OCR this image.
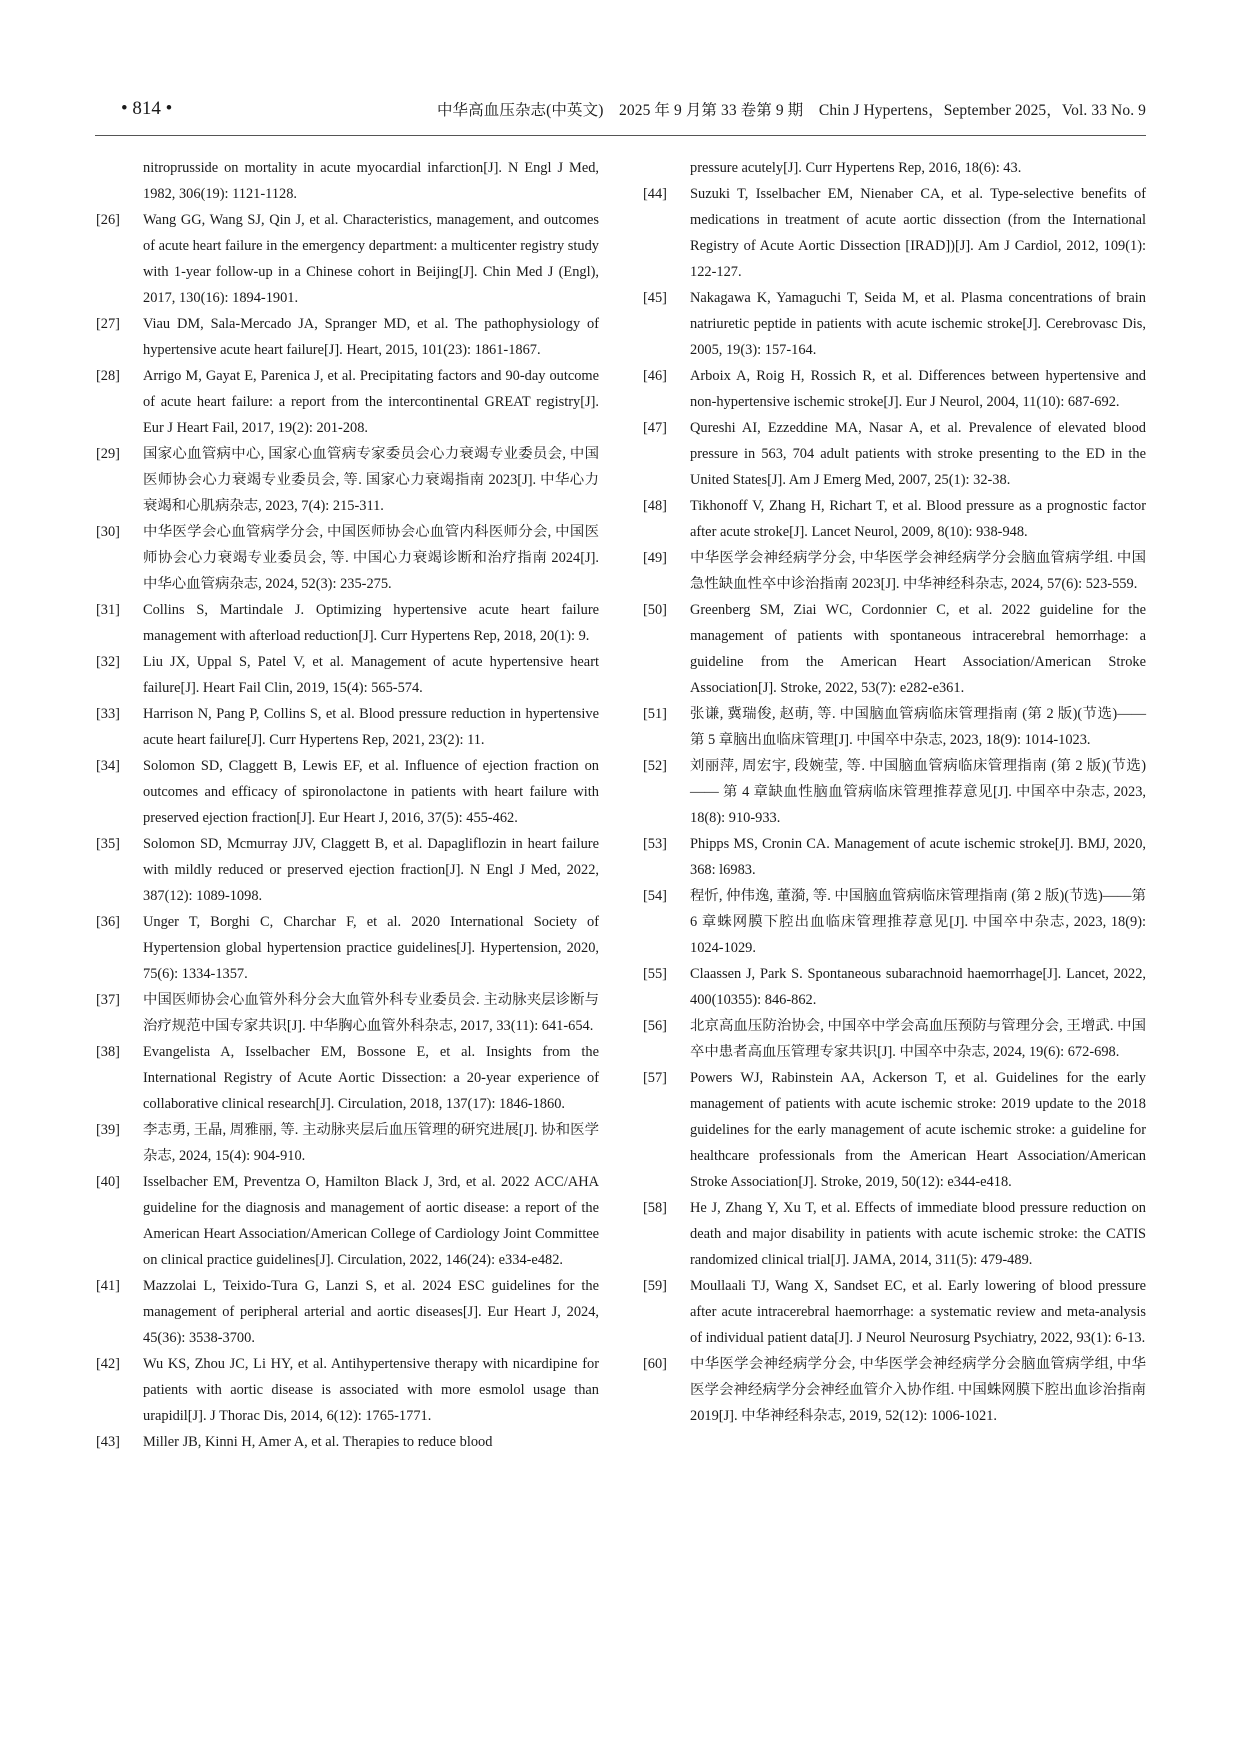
• 814 •	中华高血压杂志(中英文)　2025 年 9 月第 33 卷第 9 期　Chin J Hypertens，September 2025，Vol. 33 No. 9
nitroprusside on mortality in acute myocardial infarction[J]. N Engl J Med, 1982, 306(19): 1121-1128.
[26] Wang GG, Wang SJ, Qin J, et al. Characteristics, management, and outcomes of acute heart failure in the emergency department: a multicenter registry study with 1-year follow-up in a Chinese cohort in Beijing[J]. Chin Med J (Engl), 2017, 130(16): 1894-1901.
[27] Viau DM, Sala-Mercado JA, Spranger MD, et al. The pathophysiology of hypertensive acute heart failure[J]. Heart, 2015, 101(23): 1861-1867.
[28] Arrigo M, Gayat E, Parenica J, et al. Precipitating factors and 90-day outcome of acute heart failure: a report from the intercontinental GREAT registry[J]. Eur J Heart Fail, 2017, 19(2): 201-208.
[29] 国家心血管病中心, 国家心血管病专家委员会心力衰竭专业委员会, 中国医师协会心力衰竭专业委员会, 等. 国家心力衰竭指南 2023[J]. 中华心力衰竭和心肌病杂志, 2023, 7(4): 215-311.
[30] 中华医学会心血管病学分会, 中国医师协会心血管内科医师分会, 中国医师协会心力衰竭专业委员会, 等. 中国心力衰竭诊断和治疗指南 2024[J]. 中华心血管病杂志, 2024, 52(3): 235-275.
[31] Collins S, Martindale J. Optimizing hypertensive acute heart failure management with afterload reduction[J]. Curr Hypertens Rep, 2018, 20(1): 9.
[32] Liu JX, Uppal S, Patel V, et al. Management of acute hypertensive heart failure[J]. Heart Fail Clin, 2019, 15(4): 565-574.
[33] Harrison N, Pang P, Collins S, et al. Blood pressure reduction in hypertensive acute heart failure[J]. Curr Hypertens Rep, 2021, 23(2): 11.
[34] Solomon SD, Claggett B, Lewis EF, et al. Influence of ejection fraction on outcomes and efficacy of spironolactone in patients with heart failure with preserved ejection fraction[J]. Eur Heart J, 2016, 37(5): 455-462.
[35] Solomon SD, Mcmurray JJV, Claggett B, et al. Dapagliflozin in heart failure with mildly reduced or preserved ejection fraction[J]. N Engl J Med, 2022, 387(12): 1089-1098.
[36] Unger T, Borghi C, Charchar F, et al. 2020 International Society of Hypertension global hypertension practice guidelines[J]. Hypertension, 2020, 75(6): 1334-1357.
[37] 中国医师协会心血管外科分会大血管外科专业委员会. 主动脉夹层诊断与治疗规范中国专家共识[J]. 中华胸心血管外科杂志, 2017, 33(11): 641-654.
[38] Evangelista A, Isselbacher EM, Bossone E, et al. Insights from the International Registry of Acute Aortic Dissection: a 20-year experience of collaborative clinical research[J]. Circulation, 2018, 137(17): 1846-1860.
[39] 李志勇, 王晶, 周雅丽, 等. 主动脉夹层后血压管理的研究进展[J]. 协和医学杂志, 2024, 15(4): 904-910.
[40] Isselbacher EM, Preventza O, Hamilton Black J, 3rd, et al. 2022 ACC/AHA guideline for the diagnosis and management of aortic disease: a report of the American Heart Association/American College of Cardiology Joint Committee on clinical practice guidelines[J]. Circulation, 2022, 146(24): e334-e482.
[41] Mazzolai L, Teixido-Tura G, Lanzi S, et al. 2024 ESC guidelines for the management of peripheral arterial and aortic diseases[J]. Eur Heart J, 2024, 45(36): 3538-3700.
[42] Wu KS, Zhou JC, Li HY, et al. Antihypertensive therapy with nicardipine for patients with aortic disease is associated with more esmolol usage than urapidil[J]. J Thorac Dis, 2014, 6(12): 1765-1771.
[43] Miller JB, Kinni H, Amer A, et al. Therapies to reduce blood
pressure acutely[J]. Curr Hypertens Rep, 2016, 18(6): 43.
[44] Suzuki T, Isselbacher EM, Nienaber CA, et al. Type-selective benefits of medications in treatment of acute aortic dissection (from the International Registry of Acute Aortic Dissection [IRAD])[J]. Am J Cardiol, 2012, 109(1): 122-127.
[45] Nakagawa K, Yamaguchi T, Seida M, et al. Plasma concentrations of brain natriuretic peptide in patients with acute ischemic stroke[J]. Cerebrovasc Dis, 2005, 19(3): 157-164.
[46] Arboix A, Roig H, Rossich R, et al. Differences between hypertensive and non-hypertensive ischemic stroke[J]. Eur J Neurol, 2004, 11(10): 687-692.
[47] Qureshi AI, Ezzeddine MA, Nasar A, et al. Prevalence of elevated blood pressure in 563, 704 adult patients with stroke presenting to the ED in the United States[J]. Am J Emerg Med, 2007, 25(1): 32-38.
[48] Tikhonoff V, Zhang H, Richart T, et al. Blood pressure as a prognostic factor after acute stroke[J]. Lancet Neurol, 2009, 8(10): 938-948.
[49] 中华医学会神经病学分会, 中华医学会神经病学分会脑血管病学组. 中国急性缺血性卒中诊治指南 2023[J]. 中华神经科杂志, 2024, 57(6): 523-559.
[50] Greenberg SM, Ziai WC, Cordonnier C, et al. 2022 guideline for the management of patients with spontaneous intracerebral hemorrhage: a guideline from the American Heart Association/American Stroke Association[J]. Stroke, 2022, 53(7): e282-e361.
[51] 张谦, 冀瑞俊, 赵萌, 等. 中国脑血管病临床管理指南 (第 2 版)(节选)—— 第 5 章脑出血临床管理[J]. 中国卒中杂志, 2023, 18(9): 1014-1023.
[52] 刘丽萍, 周宏宇, 段婉莹, 等. 中国脑血管病临床管理指南 (第 2 版)(节选)—— 第 4 章缺血性脑血管病临床管理推荐意见[J]. 中国卒中杂志, 2023, 18(8): 910-933.
[53] Phipps MS, Cronin CA. Management of acute ischemic stroke[J]. BMJ, 2020, 368: l6983.
[54] 程忻, 仲伟逸, 董漪, 等. 中国脑血管病临床管理指南 (第 2 版)(节选)——第 6 章蛛网膜下腔出血临床管理推荐意见[J]. 中国卒中杂志, 2023, 18(9): 1024-1029.
[55] Claassen J, Park S. Spontaneous subarachnoid haemorrhage[J]. Lancet, 2022, 400(10355): 846-862.
[56] 北京高血压防治协会, 中国卒中学会高血压预防与管理分会, 王增武. 中国卒中患者高血压管理专家共识[J]. 中国卒中杂志, 2024, 19(6): 672-698.
[57] Powers WJ, Rabinstein AA, Ackerson T, et al. Guidelines for the early management of patients with acute ischemic stroke: 2019 update to the 2018 guidelines for the early management of acute ischemic stroke: a guideline for healthcare professionals from the American Heart Association/American Stroke Association[J]. Stroke, 2019, 50(12): e344-e418.
[58] He J, Zhang Y, Xu T, et al. Effects of immediate blood pressure reduction on death and major disability in patients with acute ischemic stroke: the CATIS randomized clinical trial[J]. JAMA, 2014, 311(5): 479-489.
[59] Moullaali TJ, Wang X, Sandset EC, et al. Early lowering of blood pressure after acute intracerebral haemorrhage: a systematic review and meta-analysis of individual patient data[J]. J Neurol Neurosurg Psychiatry, 2022, 93(1): 6-13.
[60] 中华医学会神经病学分会, 中华医学会神经病学分会脑血管病学组, 中华医学会神经病学分会神经血管介入协作组. 中国蛛网膜下腔出血诊治指南 2019[J]. 中华神经科杂志, 2019, 52(12): 1006-1021.
